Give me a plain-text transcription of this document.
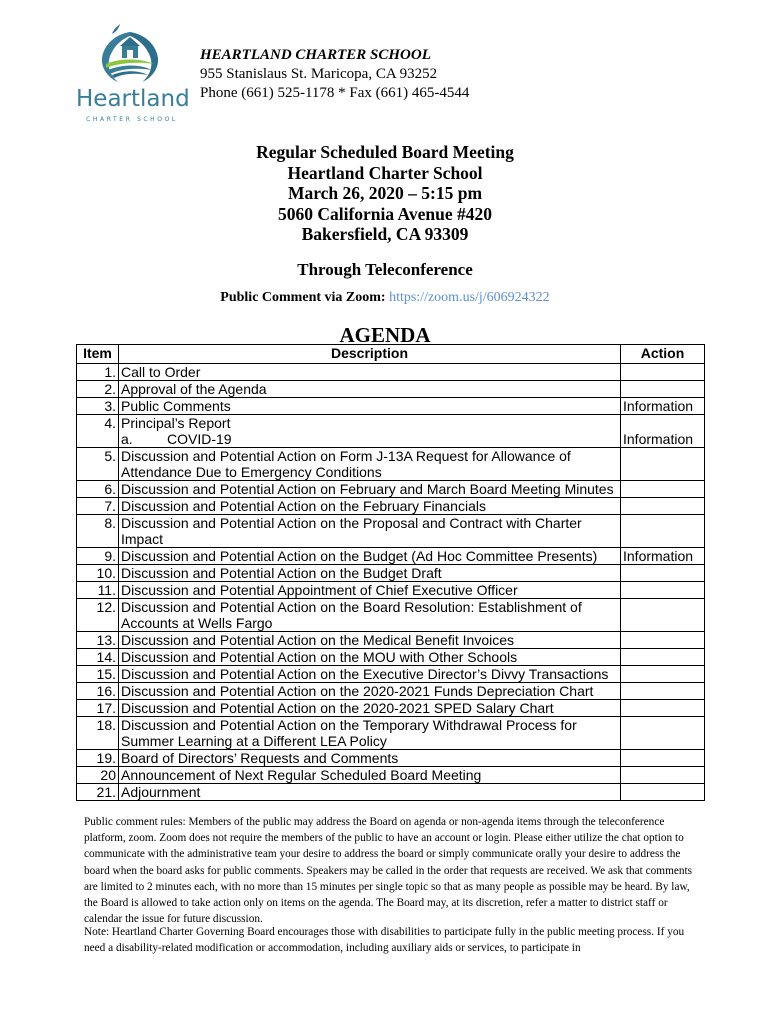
Heartland
CHARTER SCHOOL
HEARTLAND CHARTER SCHOOL
955 Stanislaus St. Maricopa, CA 93252
Phone (661) 525-1178 * Fax (661) 465-4544
Regular Scheduled Board Meeting
Heartland Charter School
March 26, 2020 – 5:15 pm
5060 California Avenue #420
Bakersfield, CA 93309
Through Teleconference
Public Comment via Zoom: https://zoom.us/j/606924322
AGENDA
Item	Description	Action
1.	Call to Order	
2.	Approval of the Agenda	
3.	Public Comments	Information
4.	Principal’s Report
a. COVID-19	Information
5.	Discussion and Potential Action on Form J-13A Request for Allowance of Attendance Due to Emergency Conditions	
6.	Discussion and Potential Action on February and March Board Meeting Minutes	
7.	Discussion and Potential Action on the February Financials	
8.	Discussion and Potential Action on the Proposal and Contract with Charter Impact	
9.	Discussion and Potential Action on the Budget (Ad Hoc Committee Presents)	Information
10.	Discussion and Potential Action on the Budget Draft	
11.	Discussion and Potential Appointment of Chief Executive Officer	
12.	Discussion and Potential Action on the Board Resolution: Establishment of Accounts at Wells Fargo	
13.	Discussion and Potential Action on the Medical Benefit Invoices	
14.	Discussion and Potential Action on the MOU with Other Schools	
15.	Discussion and Potential Action on the Executive Director’s Divvy Transactions	
16.	Discussion and Potential Action on the 2020-2021 Funds Depreciation Chart	
17.	Discussion and Potential Action on the 2020-2021 SPED Salary Chart	
18.	Discussion and Potential Action on the Temporary Withdrawal Process for Summer Learning at a Different LEA Policy	
19.	Board of Directors’ Requests and Comments	
20	Announcement of Next Regular Scheduled Board Meeting	
21.	Adjournment	
Public comment rules: Members of the public may address the Board on agenda or non-agenda items through the teleconference platform, zoom. Zoom does not require the members of the public to have an account or login. Please either utilize the chat option to communicate with the administrative team your desire to address the board or simply communicate orally your desire to address the board when the board asks for public comments. Speakers may be called in the order that requests are received. We ask that comments are limited to 2 minutes each, with no more than 15 minutes per single topic so that as many people as possible may be heard. By law, the Board is allowed to take action only on items on the agenda. The Board may, at its discretion, refer a matter to district staff or calendar the issue for future discussion.
Note: Heartland Charter Governing Board encourages those with disabilities to participate fully in the public meeting process. If you need a disability-related modification or accommodation, including auxiliary aids or services, to participate in
